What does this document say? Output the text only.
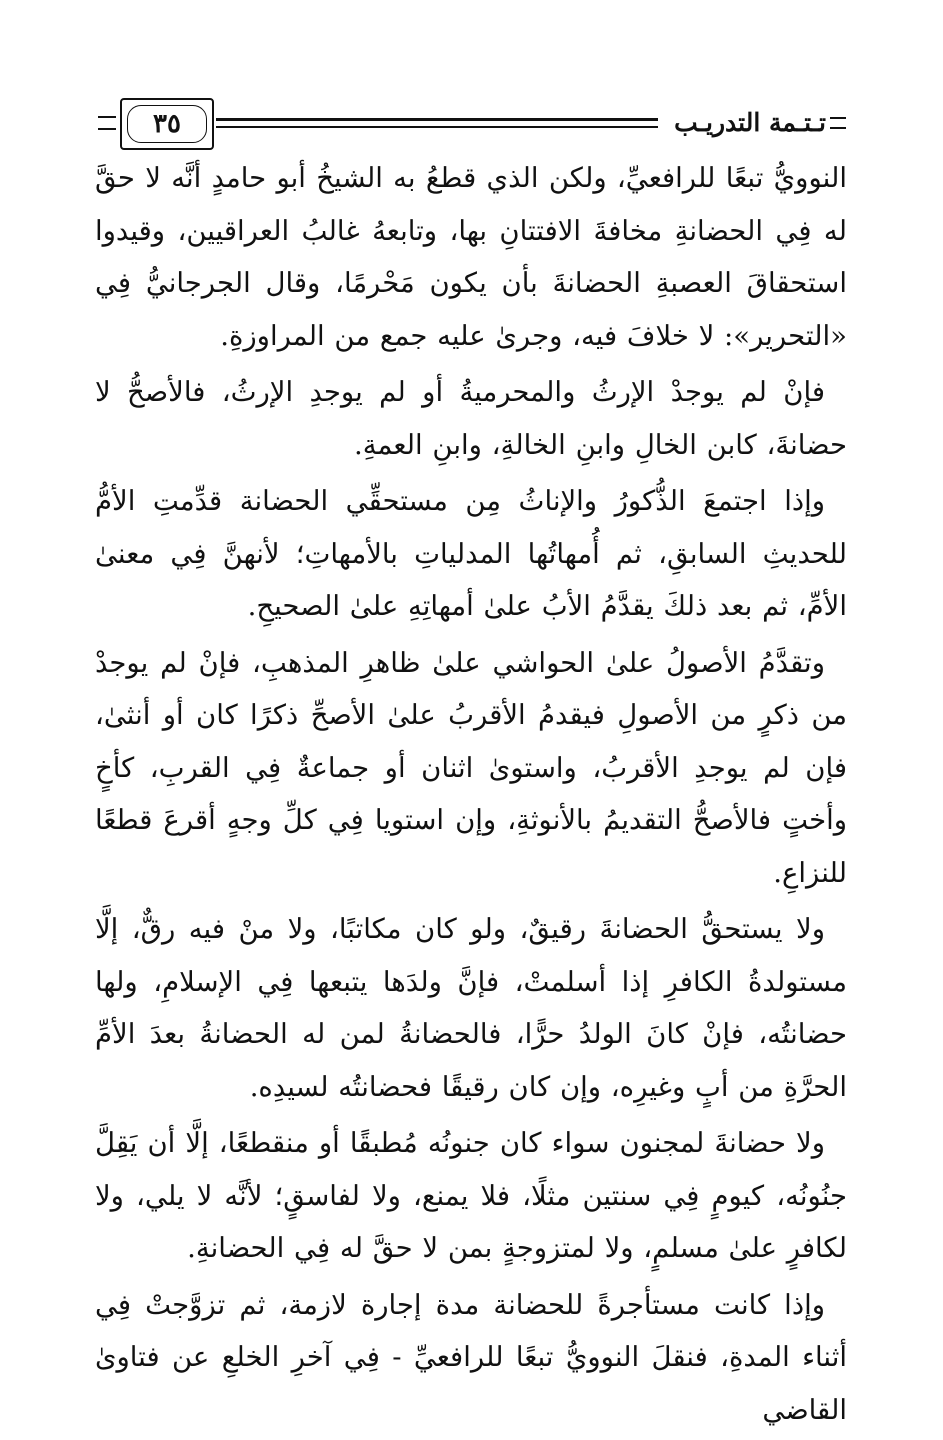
٣٥	تـتـمة التدريـب

النوويُّ تبعًا للرافعيِّ، ولكن الذي قطعُ به الشيخُ أبو حامدٍ أنَّه لا حقَّ له فِي الحضانةِ مخافةَ الافتتانِ بها، وتابعهُ غالبُ العراقيين، وقيدوا استحقاقَ العصبةِ الحضانةَ بأن يكون مَحْرمًا، وقال الجرجانيُّ فِي «التحرير»: لا خلافَ فيه، وجرىٰ عليه جمع من المراوزةِ.

فإنْ لم يوجدْ الإرثُ والمحرميةُ أو لم يوجدِ الإرثُ، فالأصحُّ لا حضانةَ، كابن الخالِ وابنِ الخالةِ، وابنِ العمةِ.

وإذا اجتمعَ الذُّكورُ والإناثُ مِن مستحقِّي الحضانة قدِّمتِ الأمُّ للحديثِ السابقِ، ثم أُمهاتُها المدلياتِ بالأمهاتِ؛ لأنهنَّ فِي معنىٰ الأمِّ، ثم بعد ذلكَ يقدَّمُ الأبُ علىٰ أمهاتِهِ علىٰ الصحيحِ.

وتقدَّمُ الأصولُ علىٰ الحواشي علىٰ ظاهرِ المذهبِ، فإنْ لم يوجدْ من ذكرٍ من الأصولِ فيقدمُ الأقربُ علىٰ الأصحِّ ذكرًا كان أو أنثىٰ، فإن لم يوجدِ الأقربُ، واستوىٰ اثنان أو جماعةٌ فِي القربِ، كأخٍ وأختٍ فالأصحُّ التقديمُ بالأنوثةِ، وإن استويا فِي كلِّ وجهٍ أقرعَ قطعًا للنزاعِ.

ولا يستحقُّ الحضانةَ رقيقٌ، ولو كان مكاتبًا، ولا منْ فيه رقٌّ، إلَّا مستولدةُ الكافرِ إذا أسلمتْ، فإنَّ ولدَها يتبعها فِي الإسلامِ، ولها حضانتُه، فإنْ كانَ الولدُ حرًّا، فالحضانةُ لمن له الحضانةُ بعدَ الأمِّ الحرَّةِ من أبٍ وغيرِه، وإن كان رقيقًا فحضانتُه لسيدِه.

ولا حضانةَ لمجنون سواء كان جنونُه مُطبقًا أو منقطعًا، إلَّا أن يَقِلَّ جنُونُه، كيومٍ فِي سنتين مثلًا، فلا يمنع، ولا لفاسقٍ؛ لأنَّه لا يلي، ولا لكافرٍ علىٰ مسلمٍ، ولا لمتزوجةٍ بمن لا حقَّ له فِي الحضانةِ.

وإذا كانت مستأجرةً للحضانة مدة إجارة لازمة، ثم تزوَّجتْ فِي أثناء المدةِ، فنقلَ النوويُّ تبعًا للرافعيِّ - فِي آخرِ الخلعِ عن فتاوىٰ القاضي
